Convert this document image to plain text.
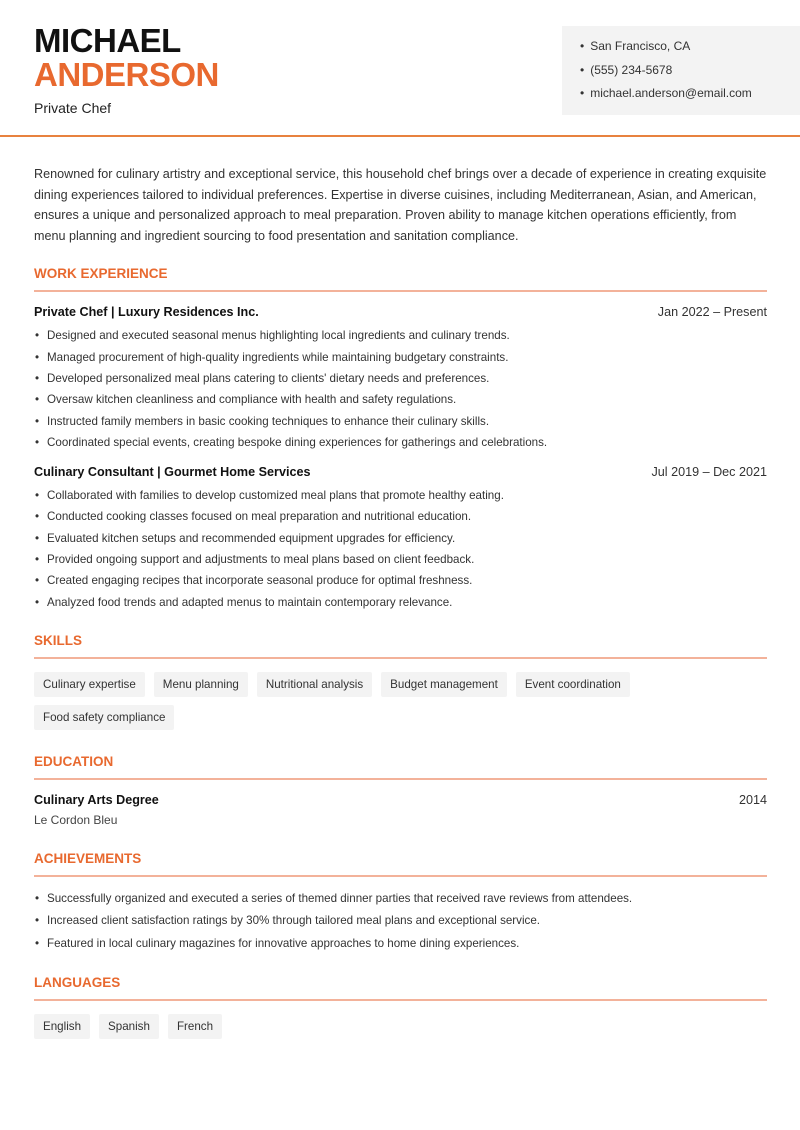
MICHAEL
ANDERSON
Private Chef
• San Francisco, CA
• (555) 234-5678
• michael.anderson@email.com

Renowned for culinary artistry and exceptional service, this household chef brings over a decade of experience in creating exquisite dining experiences tailored to individual preferences. Expertise in diverse cuisines, including Mediterranean, Asian, and American, ensures a unique and personalized approach to meal preparation. Proven ability to manage kitchen operations efficiently, from menu planning and ingredient sourcing to food presentation and sanitation compliance.

WORK EXPERIENCE
Private Chef | Luxury Residences Inc.	Jan 2022 – Present
• Designed and executed seasonal menus highlighting local ingredients and culinary trends.
• Managed procurement of high-quality ingredients while maintaining budgetary constraints.
• Developed personalized meal plans catering to clients' dietary needs and preferences.
• Oversaw kitchen cleanliness and compliance with health and safety regulations.
• Instructed family members in basic cooking techniques to enhance their culinary skills.
• Coordinated special events, creating bespoke dining experiences for gatherings and celebrations.
Culinary Consultant | Gourmet Home Services	Jul 2019 – Dec 2021
• Collaborated with families to develop customized meal plans that promote healthy eating.
• Conducted cooking classes focused on meal preparation and nutritional education.
• Evaluated kitchen setups and recommended equipment upgrades for efficiency.
• Provided ongoing support and adjustments to meal plans based on client feedback.
• Created engaging recipes that incorporate seasonal produce for optimal freshness.
• Analyzed food trends and adapted menus to maintain contemporary relevance.
SKILLS
Culinary expertise	Menu planning	Nutritional analysis	Budget management	Event coordination
Food safety compliance
EDUCATION
Culinary Arts Degree	2014
Le Cordon Bleu
ACHIEVEMENTS
• Successfully organized and executed a series of themed dinner parties that received rave reviews from attendees.
• Increased client satisfaction ratings by 30% through tailored meal plans and exceptional service.
• Featured in local culinary magazines for innovative approaches to home dining experiences.
LANGUAGES
English	Spanish	French
